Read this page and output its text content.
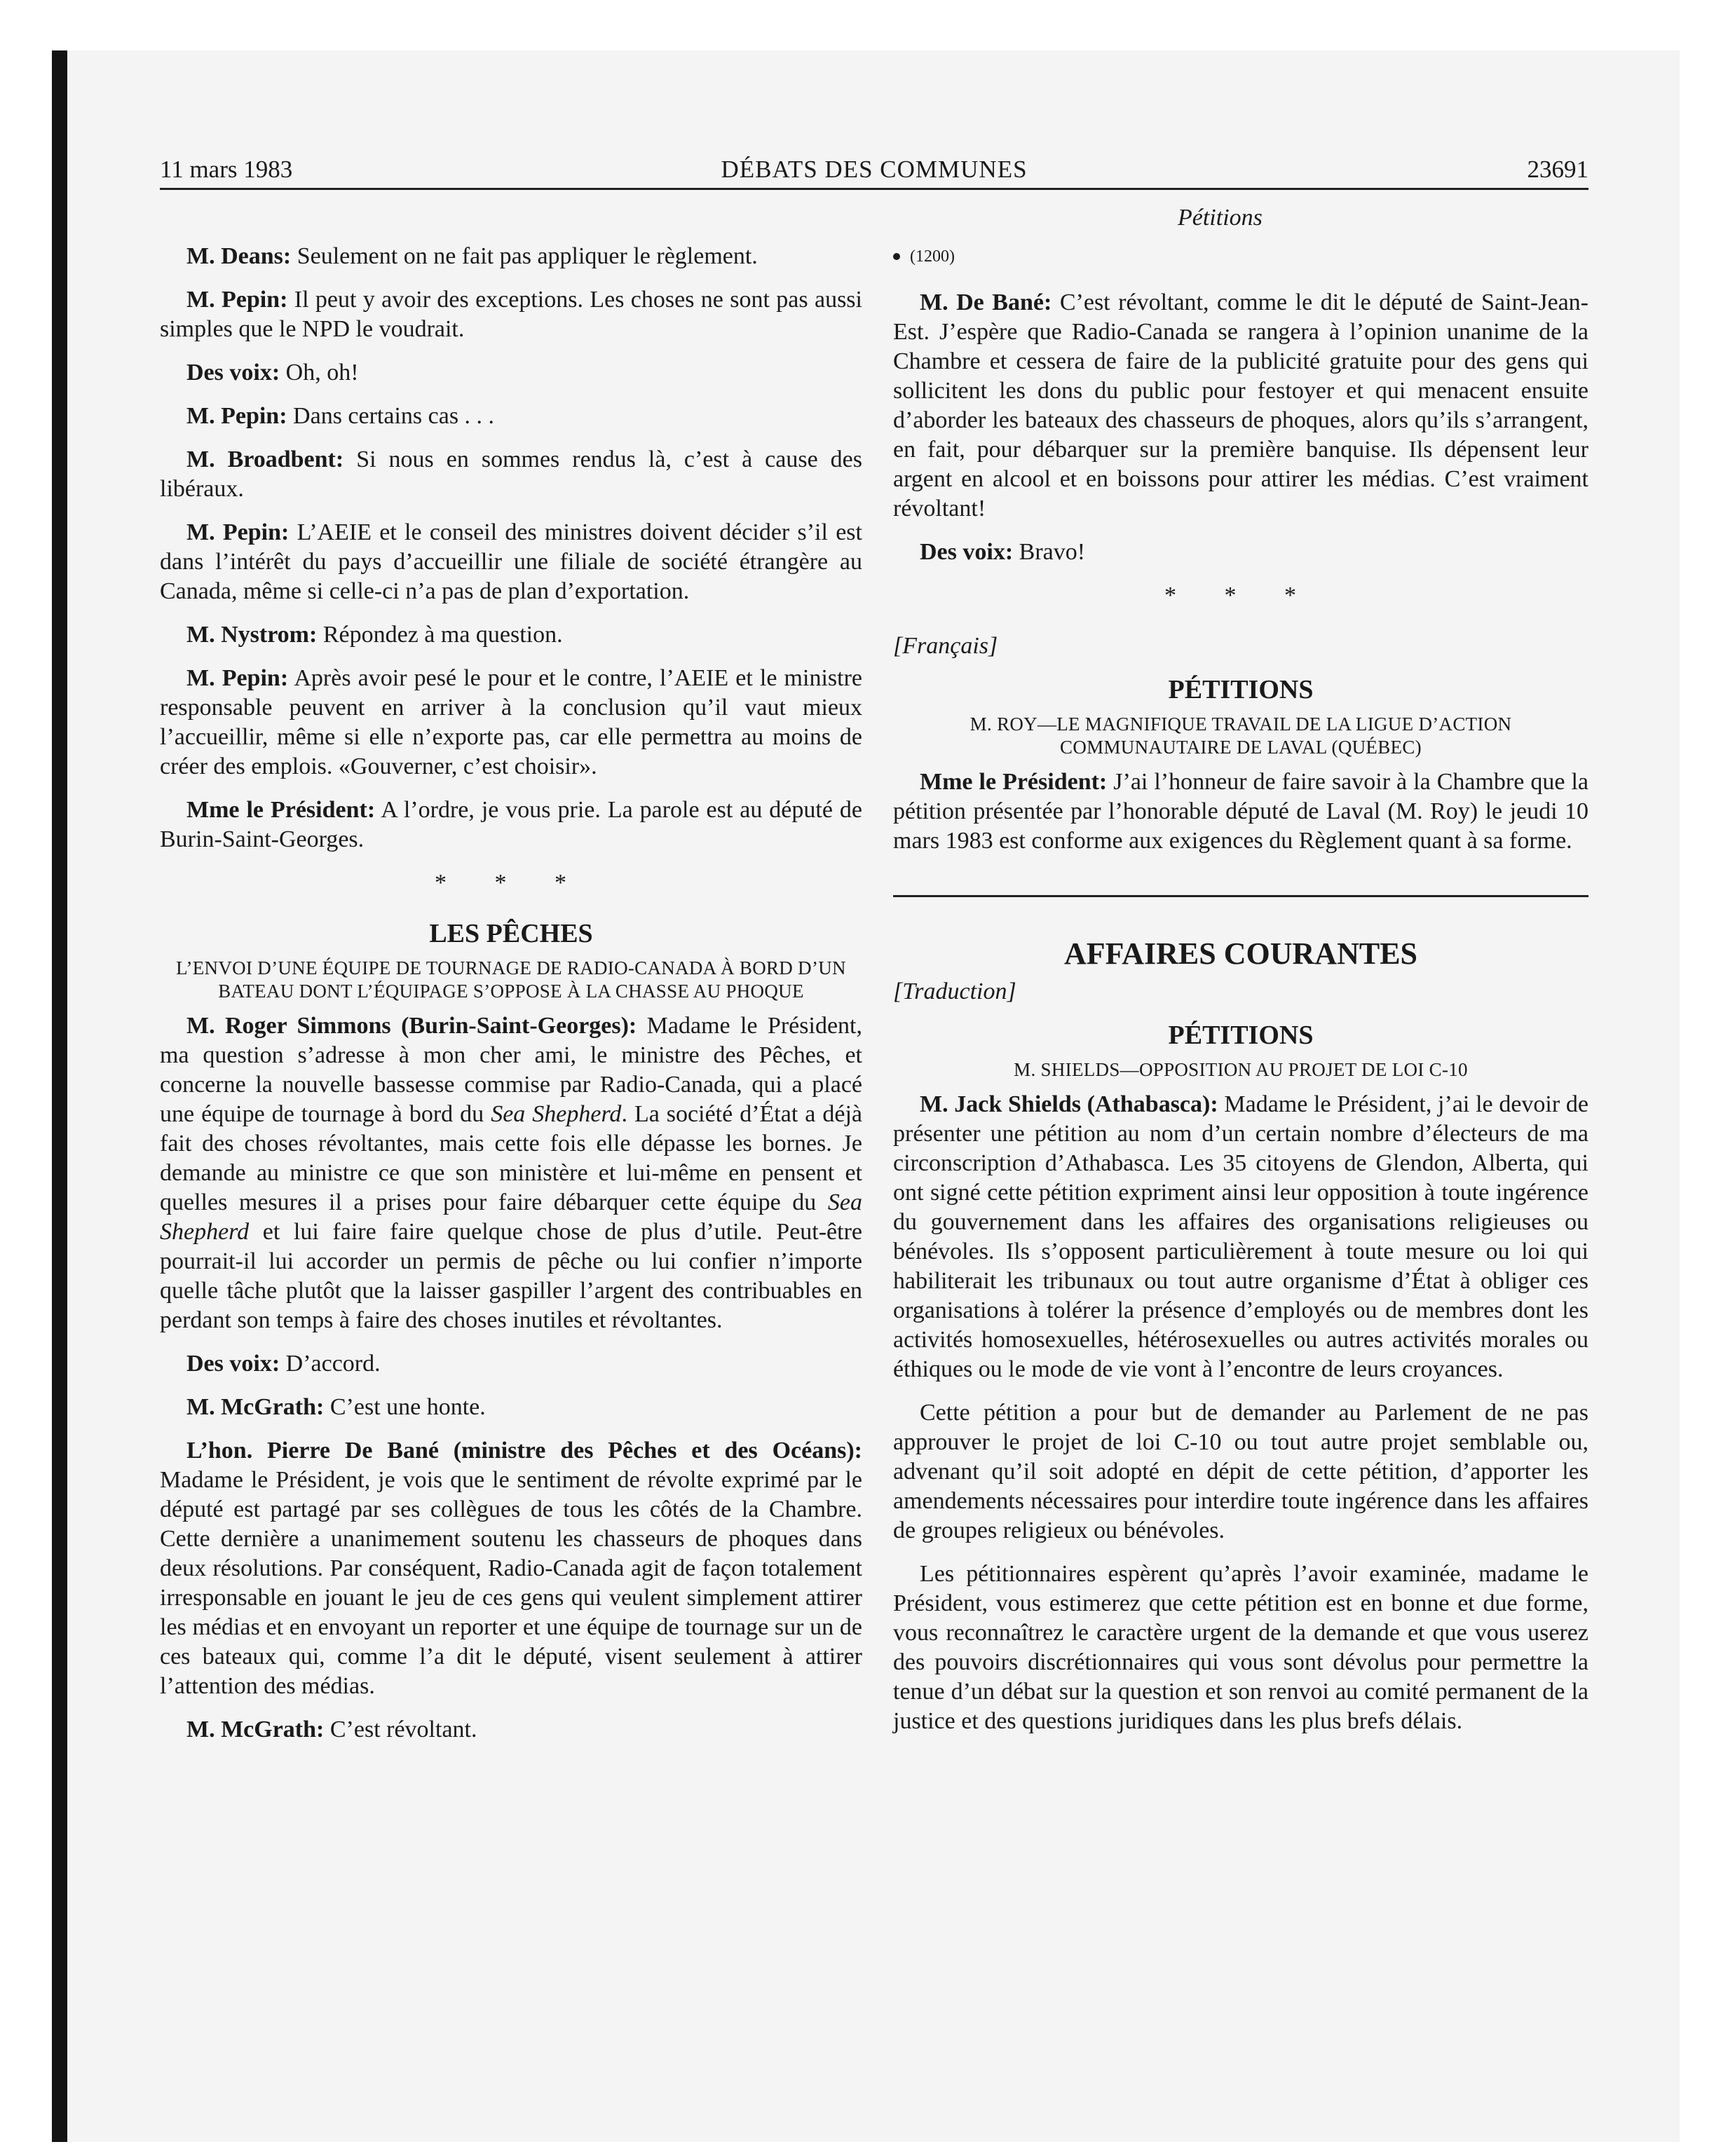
11 mars 1983	DÉBATS DES COMMUNES	23691
Pétitions

M. Deans: Seulement on ne fait pas appliquer le règlement.

M. Pepin: Il peut y avoir des exceptions. Les choses ne sont pas aussi simples que le NPD le voudrait.

Des voix: Oh, oh!

M. Pepin: Dans certains cas . . .

M. Broadbent: Si nous en sommes rendus là, c’est à cause des libéraux.

M. Pepin: L’AEIE et le conseil des ministres doivent décider s’il est dans l’intérêt du pays d’accueillir une filiale de société étrangère au Canada, même si celle-ci n’a pas de plan d’exportation.

M. Nystrom: Répondez à ma question.

M. Pepin: Après avoir pesé le pour et le contre, l’AEIE et le ministre responsable peuvent en arriver à la conclusion qu’il vaut mieux l’accueillir, même si elle n’exporte pas, car elle permettra au moins de créer des emplois. «Gouverner, c’est choisir».

Mme le Président: A l’ordre, je vous prie. La parole est au député de Burin-Saint-Georges.

* * *
LES PÊCHES
L’ENVOI D’UNE ÉQUIPE DE TOURNAGE DE RADIO-CANADA À BORD D’UN BATEAU DONT L’ÉQUIPAGE S’OPPOSE À LA CHASSE AU PHOQUE

M. Roger Simmons (Burin-Saint-Georges): Madame le Président, ma question s’adresse à mon cher ami, le ministre des Pêches, et concerne la nouvelle bassesse commise par Radio-Canada, qui a placé une équipe de tournage à bord du Sea Shepherd. La société d’État a déjà fait des choses révoltantes, mais cette fois elle dépasse les bornes. Je demande au ministre ce que son ministère et lui-même en pensent et quelles mesures il a prises pour faire débarquer cette équipe du Sea Shepherd et lui faire faire quelque chose de plus d’utile. Peut-être pourrait-il lui accorder un permis de pêche ou lui confier n’importe quelle tâche plutôt que la laisser gaspiller l’argent des contribuables en perdant son temps à faire des choses inutiles et révoltantes.

Des voix: D’accord.

M. McGrath: C’est une honte.

L’hon. Pierre De Bané (ministre des Pêches et des Océans): Madame le Président, je vois que le sentiment de révolte exprimé par le député est partagé par ses collègues de tous les côtés de la Chambre. Cette dernière a unanimement soutenu les chasseurs de phoques dans deux résolutions. Par conséquent, Radio-Canada agit de façon totalement irresponsable en jouant le jeu de ces gens qui veulent simplement attirer les médias et en envoyant un reporter et une équipe de tournage sur un de ces bateaux qui, comme l’a dit le député, visent seulement à attirer l’attention des médias.

M. McGrath: C’est révoltant.

(1200)

M. De Bané: C’est révoltant, comme le dit le député de Saint-Jean-Est. J’espère que Radio-Canada se rangera à l’opinion unanime de la Chambre et cessera de faire de la publicité gratuite pour des gens qui sollicitent les dons du public pour festoyer et qui menacent ensuite d’aborder les bateaux des chasseurs de phoques, alors qu’ils s’arrangent, en fait, pour débarquer sur la première banquise. Ils dépensent leur argent en alcool et en boissons pour attirer les médias. C’est vraiment révoltant!

Des voix: Bravo!

* * *
[Français]
PÉTITIONS
M. ROY—LE MAGNIFIQUE TRAVAIL DE LA LIGUE D’ACTION COMMUNAUTAIRE DE LAVAL (QUÉBEC)

Mme le Président: J’ai l’honneur de faire savoir à la Chambre que la pétition présentée par l’honorable député de Laval (M. Roy) le jeudi 10 mars 1983 est conforme aux exigences du Règlement quant à sa forme.

AFFAIRES COURANTES
[Traduction]
PÉTITIONS
M. SHIELDS—OPPOSITION AU PROJET DE LOI C-10

M. Jack Shields (Athabasca): Madame le Président, j’ai le devoir de présenter une pétition au nom d’un certain nombre d’électeurs de ma circonscription d’Athabasca. Les 35 citoyens de Glendon, Alberta, qui ont signé cette pétition expriment ainsi leur opposition à toute ingérence du gouvernement dans les affaires des organisations religieuses ou bénévoles. Ils s’opposent particulièrement à toute mesure ou loi qui habiliterait les tribunaux ou tout autre organisme d’État à obliger ces organisations à tolérer la présence d’employés ou de membres dont les activités homosexuelles, hétérosexuelles ou autres activités morales ou éthiques ou le mode de vie vont à l’encontre de leurs croyances.

Cette pétition a pour but de demander au Parlement de ne pas approuver le projet de loi C-10 ou tout autre projet semblable ou, advenant qu’il soit adopté en dépit de cette pétition, d’apporter les amendements nécessaires pour interdire toute ingérence dans les affaires de groupes religieux ou bénévoles.

Les pétitionnaires espèrent qu’après l’avoir examinée, madame le Président, vous estimerez que cette pétition est en bonne et due forme, vous reconnaîtrez le caractère urgent de la demande et que vous userez des pouvoirs discrétionnaires qui vous sont dévolus pour permettre la tenue d’un débat sur la question et son renvoi au comité permanent de la justice et des questions juridiques dans les plus brefs délais.
